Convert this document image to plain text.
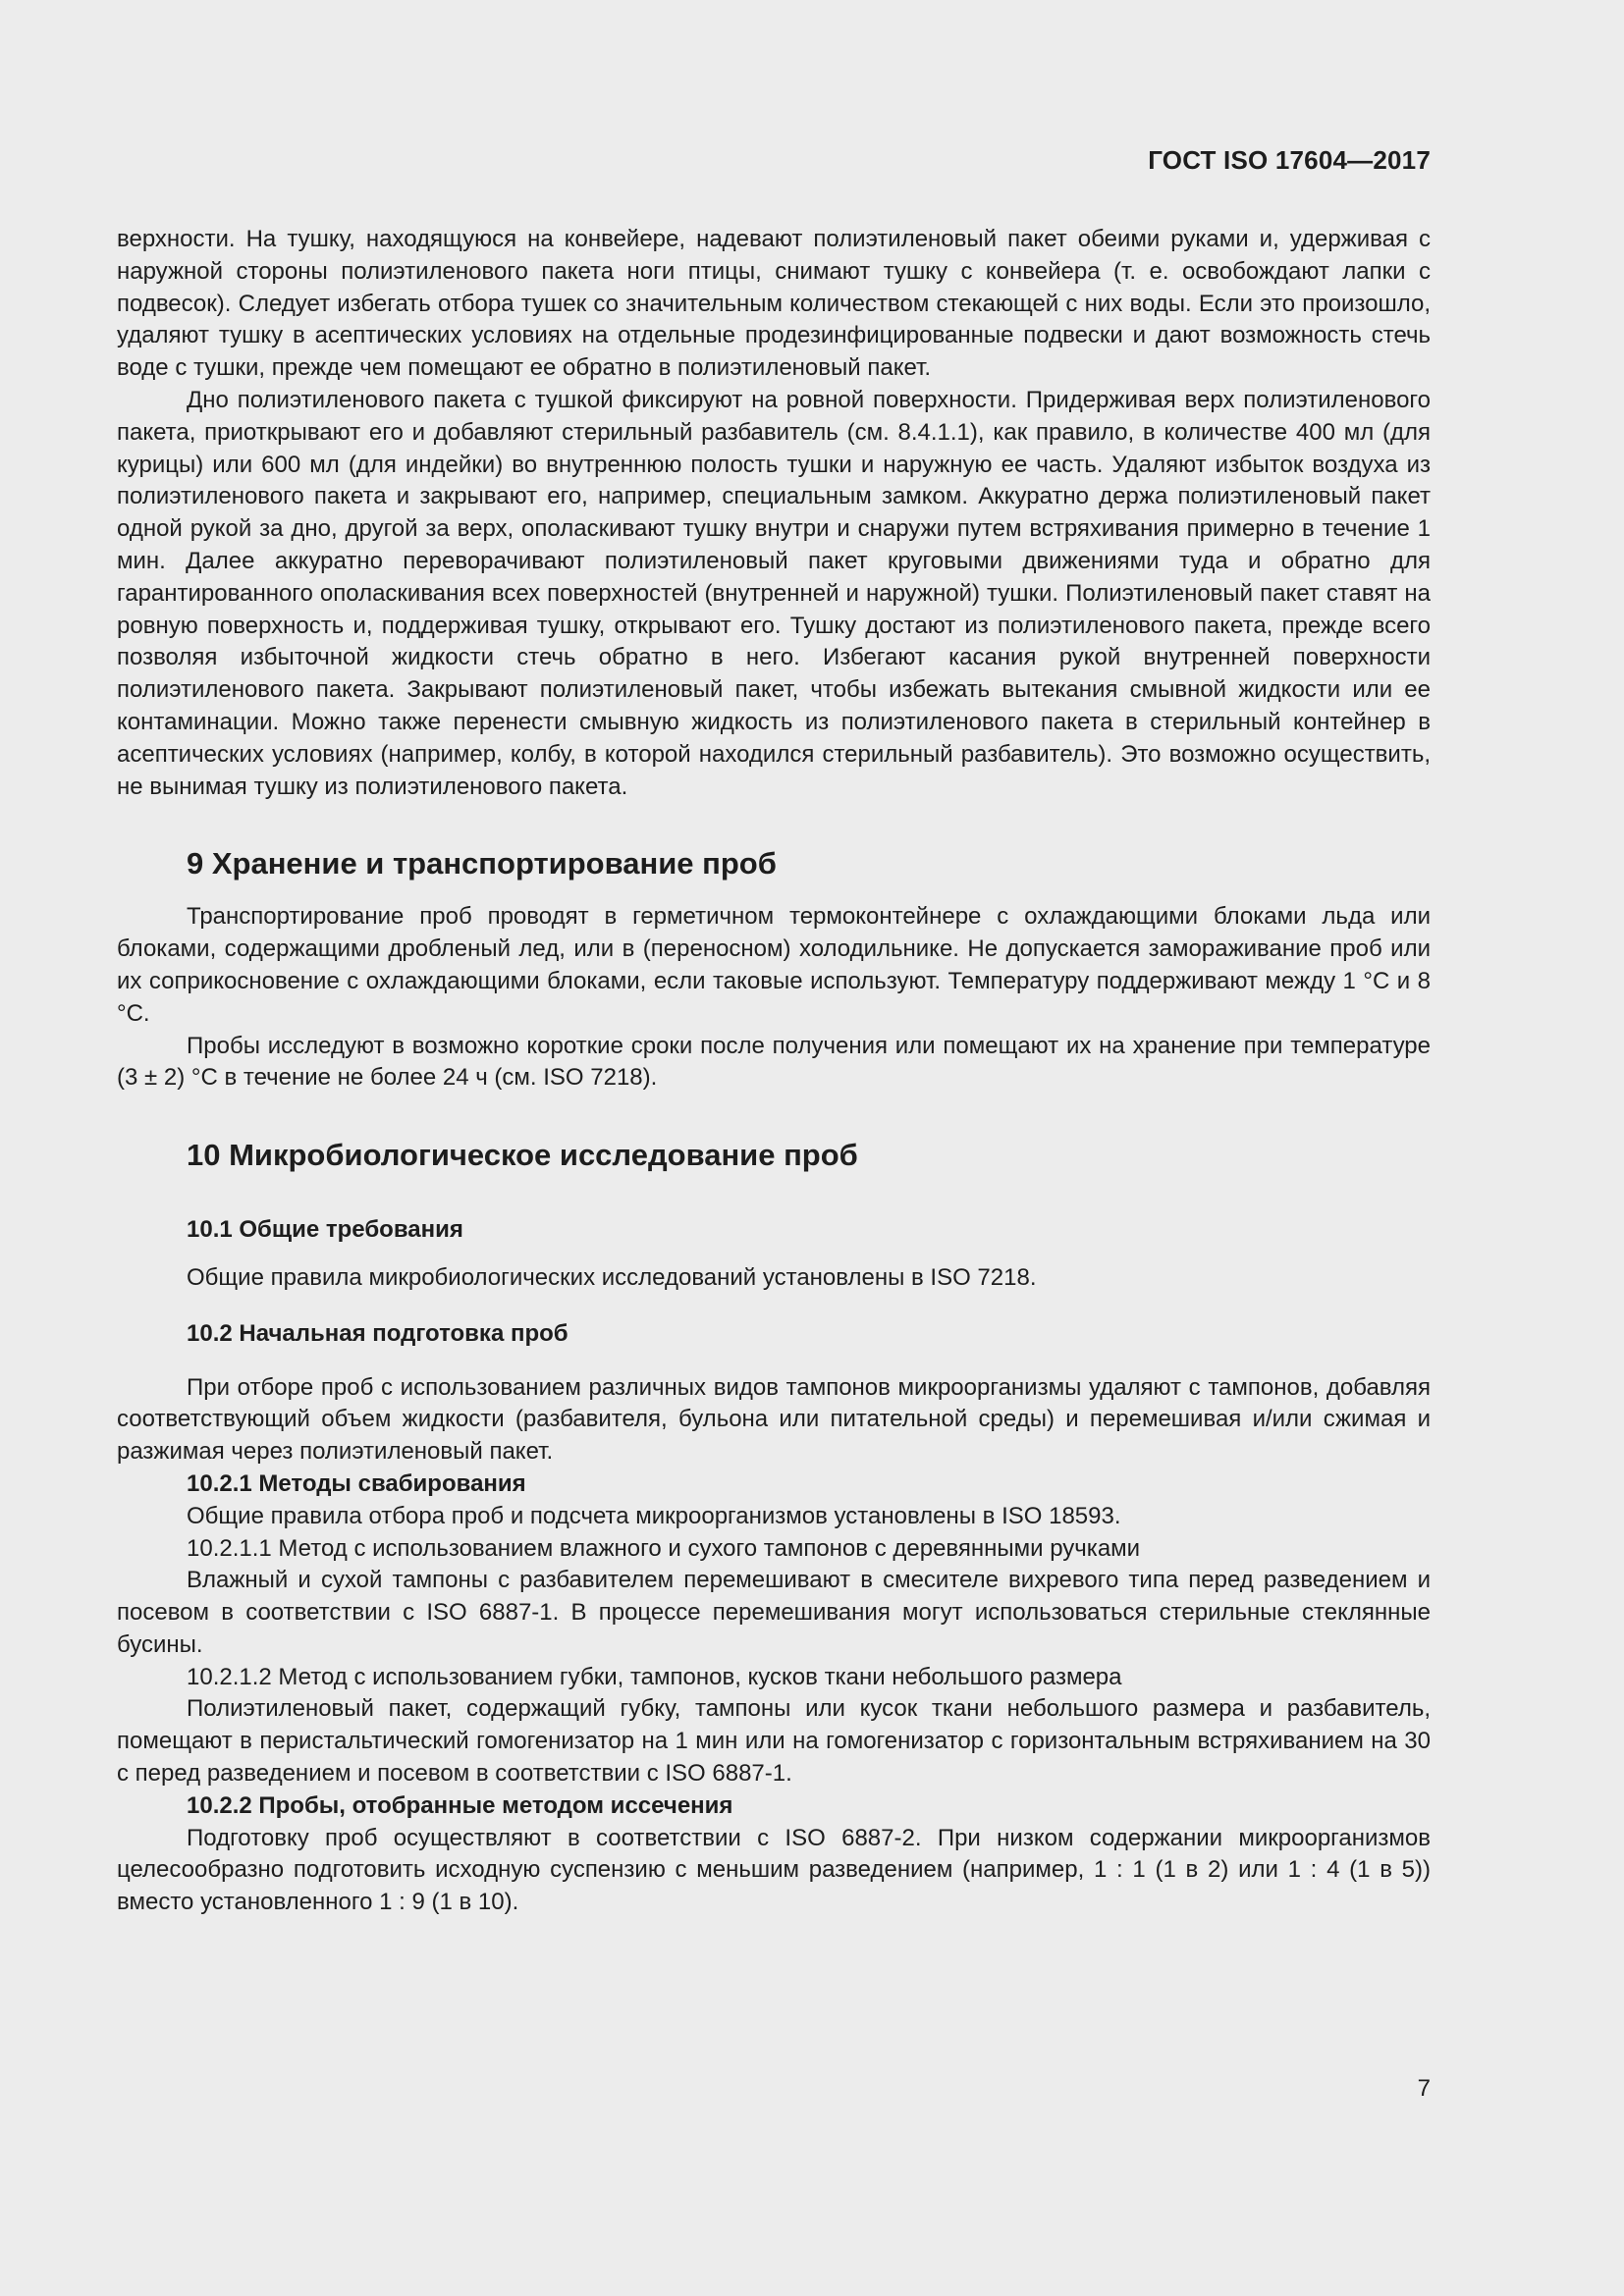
ГОСТ ISO 17604—2017

верхности. На тушку, находящуюся на конвейере, надевают полиэтиленовый пакет обеими руками и, удерживая с наружной стороны полиэтиленового пакета ноги птицы, снимают тушку с конвейера (т. е. освобождают лапки с подвесок). Следует избегать отбора тушек со значительным количеством стекающей с них воды. Если это произошло, удаляют тушку в асептических условиях на отдельные продезинфицированные подвески и дают возможность стечь воде с тушки, прежде чем помещают ее обратно в полиэтиленовый пакет.

Дно полиэтиленового пакета с тушкой фиксируют на ровной поверхности. Придерживая верх полиэтиленового пакета, приоткрывают его и добавляют стерильный разбавитель (см. 8.4.1.1), как правило, в количестве 400 мл (для курицы) или 600 мл (для индейки) во внутреннюю полость тушки и наружную ее часть. Удаляют избыток воздуха из полиэтиленового пакета и закрывают его, например, специальным замком. Аккуратно держа полиэтиленовый пакет одной рукой за дно, другой за верх, ополаскивают тушку внутри и снаружи путем встряхивания примерно в течение 1 мин. Далее аккуратно переворачивают полиэтиленовый пакет круговыми движениями туда и обратно для гарантированного ополаскивания всех поверхностей (внутренней и наружной) тушки. Полиэтиленовый пакет ставят на ровную поверхность и, поддерживая тушку, открывают его. Тушку достают из полиэтиленового пакета, прежде всего позволяя избыточной жидкости стечь обратно в него. Избегают касания рукой внутренней поверхности полиэтиленового пакета. Закрывают полиэтиленовый пакет, чтобы избежать вытекания смывной жидкости или ее контаминации. Можно также перенести смывную жидкость из полиэтиленового пакета в стерильный контейнер в асептических условиях (например, колбу, в которой находился стерильный разбавитель). Это возможно осуществить, не вынимая тушку из полиэтиленового пакета.

9 Хранение и транспортирование проб

Транспортирование проб проводят в герметичном термоконтейнере с охлаждающими блоками льда или блоками, содержащими дробленый лед, или в (переносном) холодильнике. Не допускается замораживание проб или их соприкосновение с охлаждающими блоками, если таковые используют. Температуру поддерживают между 1 °С и 8 °С.

Пробы исследуют в возможно короткие сроки после получения или помещают их на хранение при температуре (3 ± 2) °С в течение не более 24 ч (см. ISO 7218).

10 Микробиологическое исследование проб
10.1 Общие требования

Общие правила микробиологических исследований установлены в ISO 7218.

10.2 Начальная подготовка проб

При отборе проб с использованием различных видов тампонов микроорганизмы удаляют с тампонов, добавляя соответствующий объем жидкости (разбавителя, бульона или питательной среды) и перемешивая и/или сжимая и разжимая через полиэтиленовый пакет.

10.2.1 Методы свабирования

Общие правила отбора проб и подсчета микроорганизмов установлены в ISO 18593.

10.2.1.1 Метод с использованием влажного и сухого тампонов с деревянными ручками

Влажный и сухой тампоны с разбавителем перемешивают в смесителе вихревого типа перед разведением и посевом в соответствии с ISO 6887-1. В процессе перемешивания могут использоваться стерильные стеклянные бусины.

10.2.1.2 Метод с использованием губки, тампонов, кусков ткани небольшого размера

Полиэтиленовый пакет, содержащий губку, тампоны или кусок ткани небольшого размера и разбавитель, помещают в перистальтический гомогенизатор на 1 мин или на гомогенизатор с горизонтальным встряхиванием на 30 с перед разведением и посевом в соответствии с ISO 6887-1.

10.2.2 Пробы, отобранные методом иссечения

Подготовку проб осуществляют в соответствии с ISO 6887-2. При низком содержании микроорганизмов целесообразно подготовить исходную суспензию с меньшим разведением (например, 1 : 1 (1 в 2) или 1 : 4 (1 в 5)) вместо установленного 1 : 9 (1 в 10).

7
